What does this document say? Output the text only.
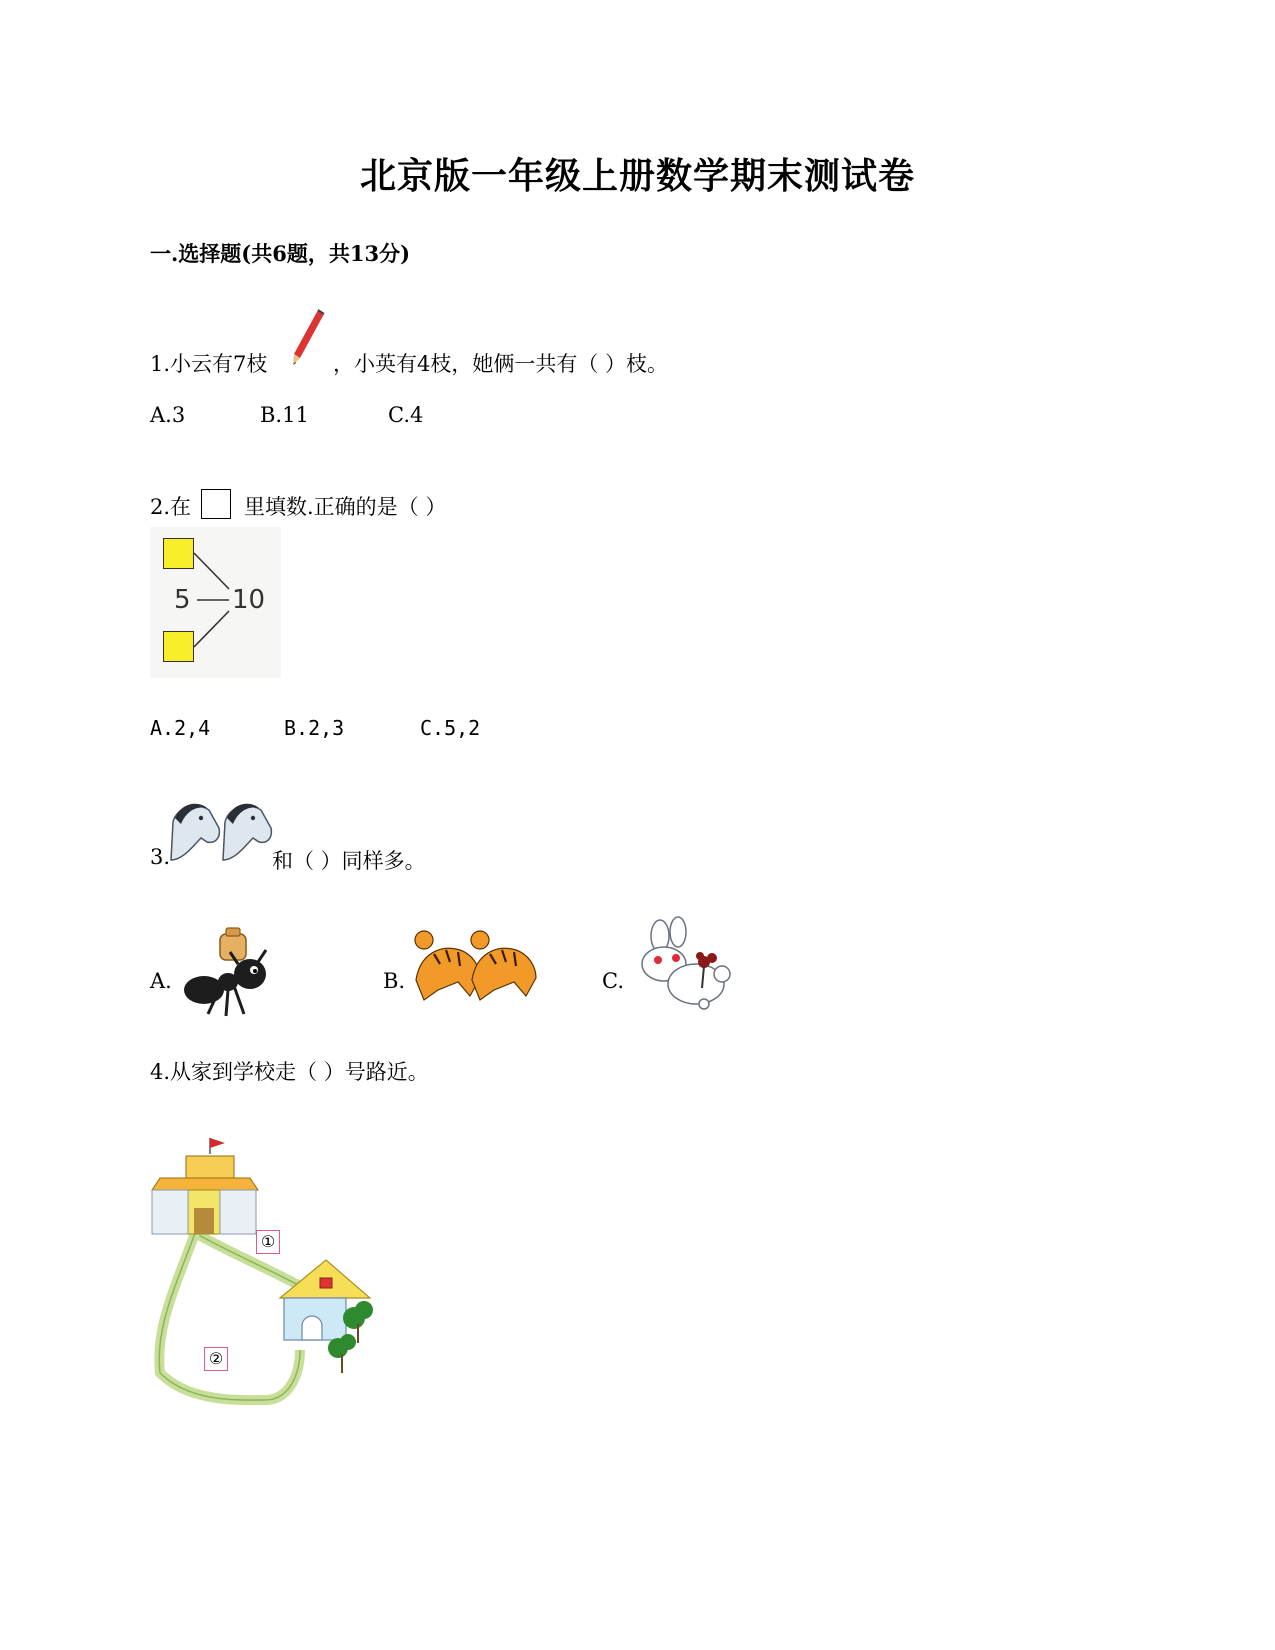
北京版一年级上册数学期末测试卷
一.选择题(共6题，共13分)
1.小云有7枝	，小英有4枝，她俩一共有（ ）枝。
A.3	B.11	C.4
2.在	里填数.正确的是（ ）
5 10
A.2,4	B.2,3	C.5,2
3.	和（ ）同样多。
A.	B.	C.
4.从家到学校走（ ）号路近。
①
②
